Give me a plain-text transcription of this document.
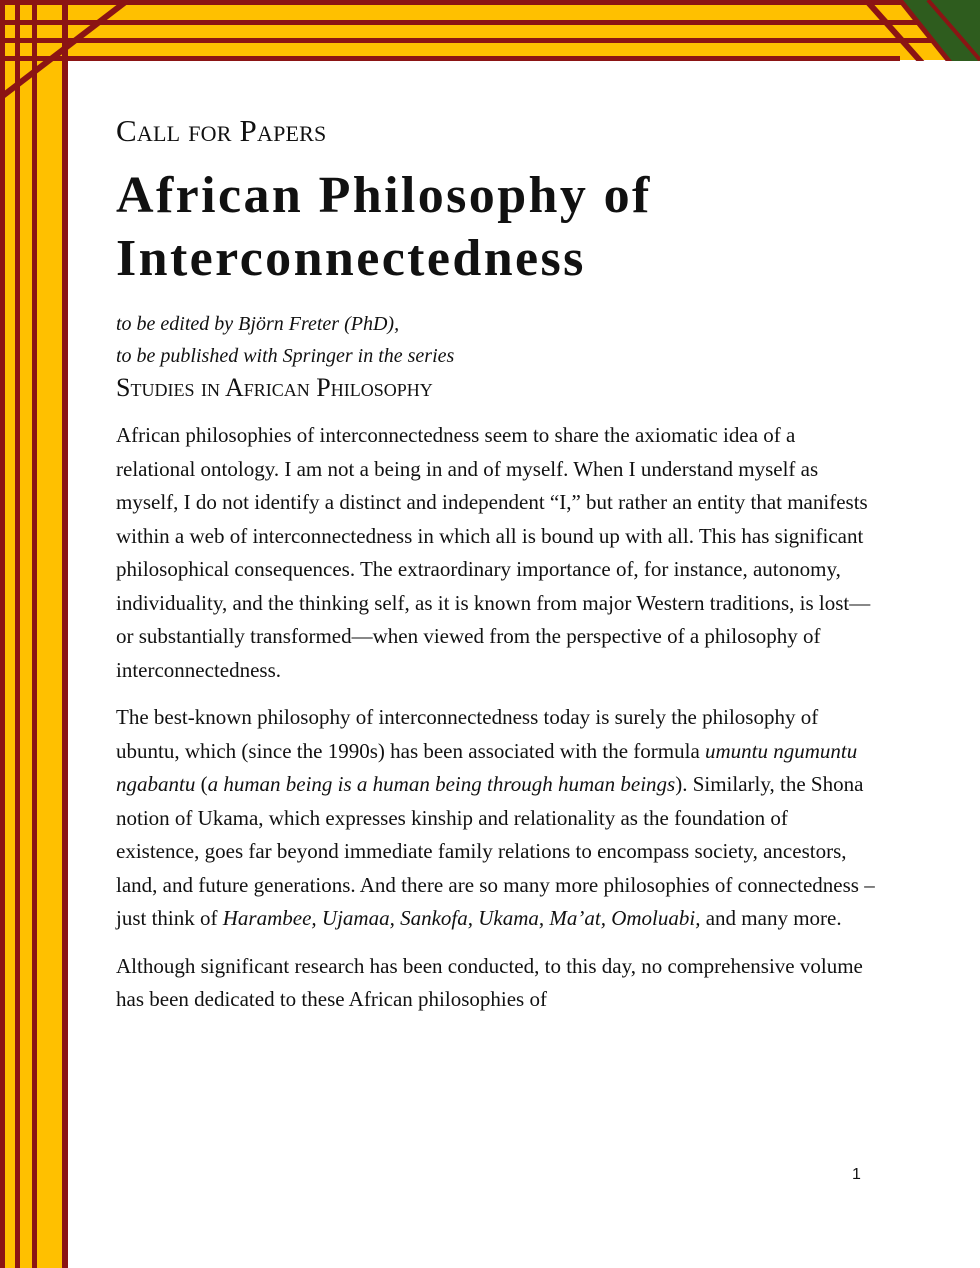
Call for Papers

African Philosophy of
Interconnectedness

to be edited by Björn Freter (PhD),

to be published with Springer in the series

Studies in African Philosophy

African philosophies of interconnectedness seem to share the axiomatic idea of a relational ontology. I am not a being in and of myself. When I understand myself as myself, I do not identify a distinct and independent “I,” but rather an entity that manifests within a web of interconnectedness in which all is bound up with all. This has significant philosophical consequences. The extraordinary importance of, for instance, autonomy, individuality, and the thinking self, as it is known from major Western traditions, is lost—or substantially transformed—when viewed from the perspective of a philosophy of interconnectedness.

The best-known philosophy of interconnectedness today is surely the philosophy of ubuntu, which (since the 1990s) has been associated with the formula umuntu ngumuntu ngabantu (a human being is a human being through human beings). Similarly, the Shona notion of Ukama, which expresses kinship and relationality as the foundation of existence, goes far beyond immediate family relations to encompass society, ancestors, land, and future generations. And there are so many more philosophies of connectedness – just think of Harambee, Ujamaa, Sankofa, Ukama, Ma’at, Omoluabi, and many more.

Although significant research has been conducted, to this day, no comprehensive volume has been dedicated to these African philosophies of

1
